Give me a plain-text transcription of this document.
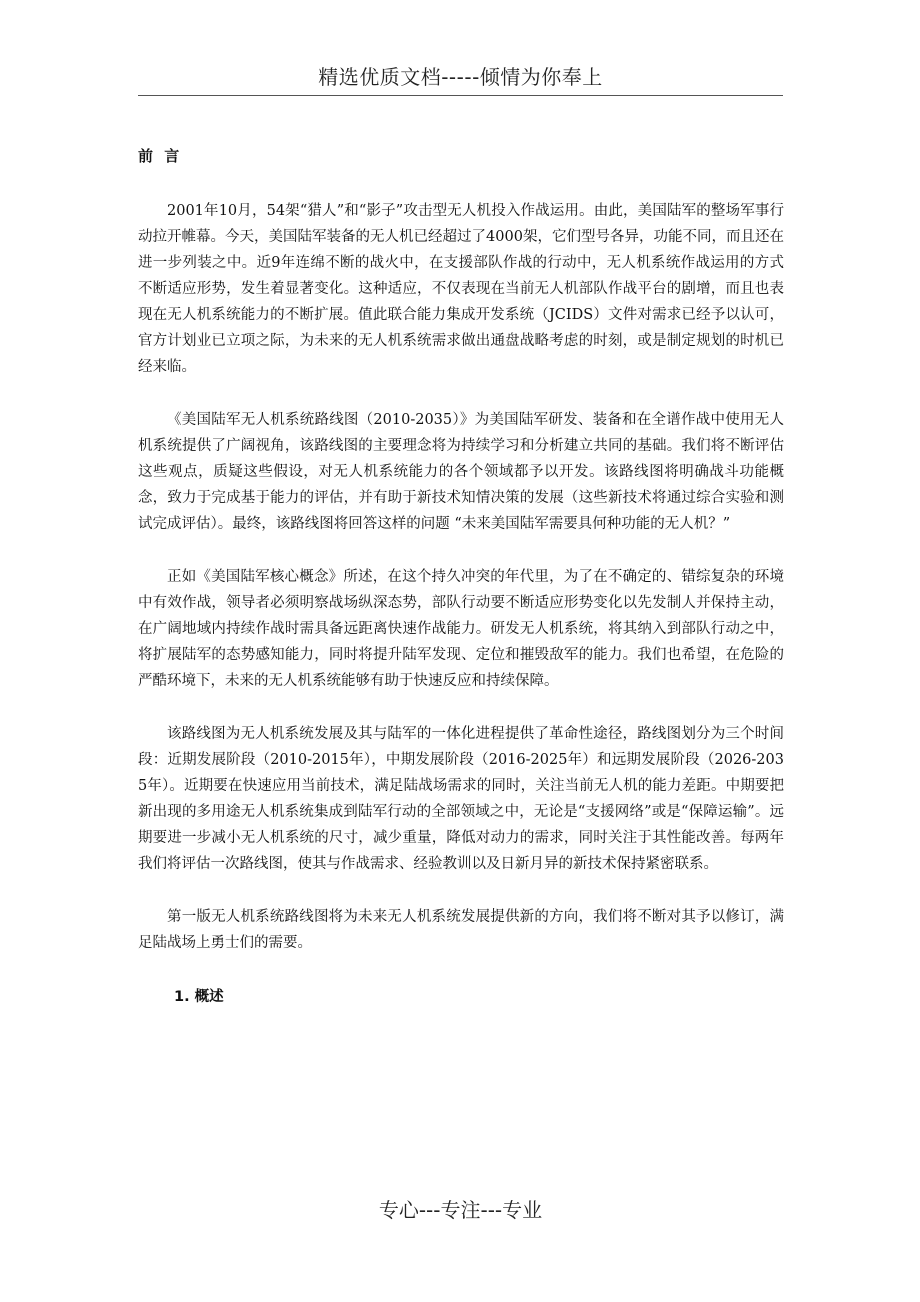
精选优质文档-----倾情为你奉上
前 言

2001年10月，54架“猎人”和“影子”攻击型无人机投入作战运用。由此，美国陆军的整场军事行动拉开帷幕。今天，美国陆军装备的无人机已经超过了4000架，它们型号各异，功能不同，而且还在进一步列装之中。近9年连绵不断的战火中，在支援部队作战的行动中，无人机系统作战运用的方式不断适应形势，发生着显著变化。这种适应，不仅表现在当前无人机部队作战平台的剧增，而且也表现在无人机系统能力的不断扩展。值此联合能力集成开发系统（JCIDS）文件对需求已经予以认可，官方计划业已立项之际，为未来的无人机系统需求做出通盘战略考虑的时刻，或是制定规划的时机已经来临。

《美国陆军无人机系统路线图（2010-2035）》为美国陆军研发、装备和在全谱作战中使用无人机系统提供了广阔视角，该路线图的主要理念将为持续学习和分析建立共同的基础。我们将不断评估这些观点，质疑这些假设，对无人机系统能力的各个领域都予以开发。该路线图将明确战斗功能概念，致力于完成基于能力的评估，并有助于新技术知情决策的发展（这些新技术将通过综合实验和测试完成评估）。最终，该路线图将回答这样的问题 “未来美国陆军需要具何种功能的无人机？”

正如《美国陆军核心概念》所述，在这个持久冲突的年代里，为了在不确定的、错综复杂的环境中有效作战，领导者必须明察战场纵深态势，部队行动要不断适应形势变化以先发制人并保持主动，在广阔地域内持续作战时需具备远距离快速作战能力。研发无人机系统，将其纳入到部队行动之中，将扩展陆军的态势感知能力，同时将提升陆军发现、定位和摧毁敌军的能力。我们也希望，在危险的严酷环境下，未来的无人机系统能够有助于快速反应和持续保障。

该路线图为无人机系统发展及其与陆军的一体化进程提供了革命性途径，路线图划分为三个时间段：近期发展阶段（2010-2015年），中期发展阶段（2016-2025年）和远期发展阶段（2026-2035年）。近期要在快速应用当前技术，满足陆战场需求的同时，关注当前无人机的能力差距。中期要把新出现的多用途无人机系统集成到陆军行动的全部领域之中，无论是“支援网络”或是“保障运输”。远期要进一步减小无人机系统的尺寸，减少重量，降低对动力的需求，同时关注于其性能改善。每两年我们将评估一次路线图，使其与作战需求、经验教训以及日新月异的新技术保持紧密联系。

第一版无人机系统路线图将为未来无人机系统发展提供新的方向，我们将不断对其予以修订，满足陆战场上勇士们的需要。

1. 概述
专心---专注---专业
